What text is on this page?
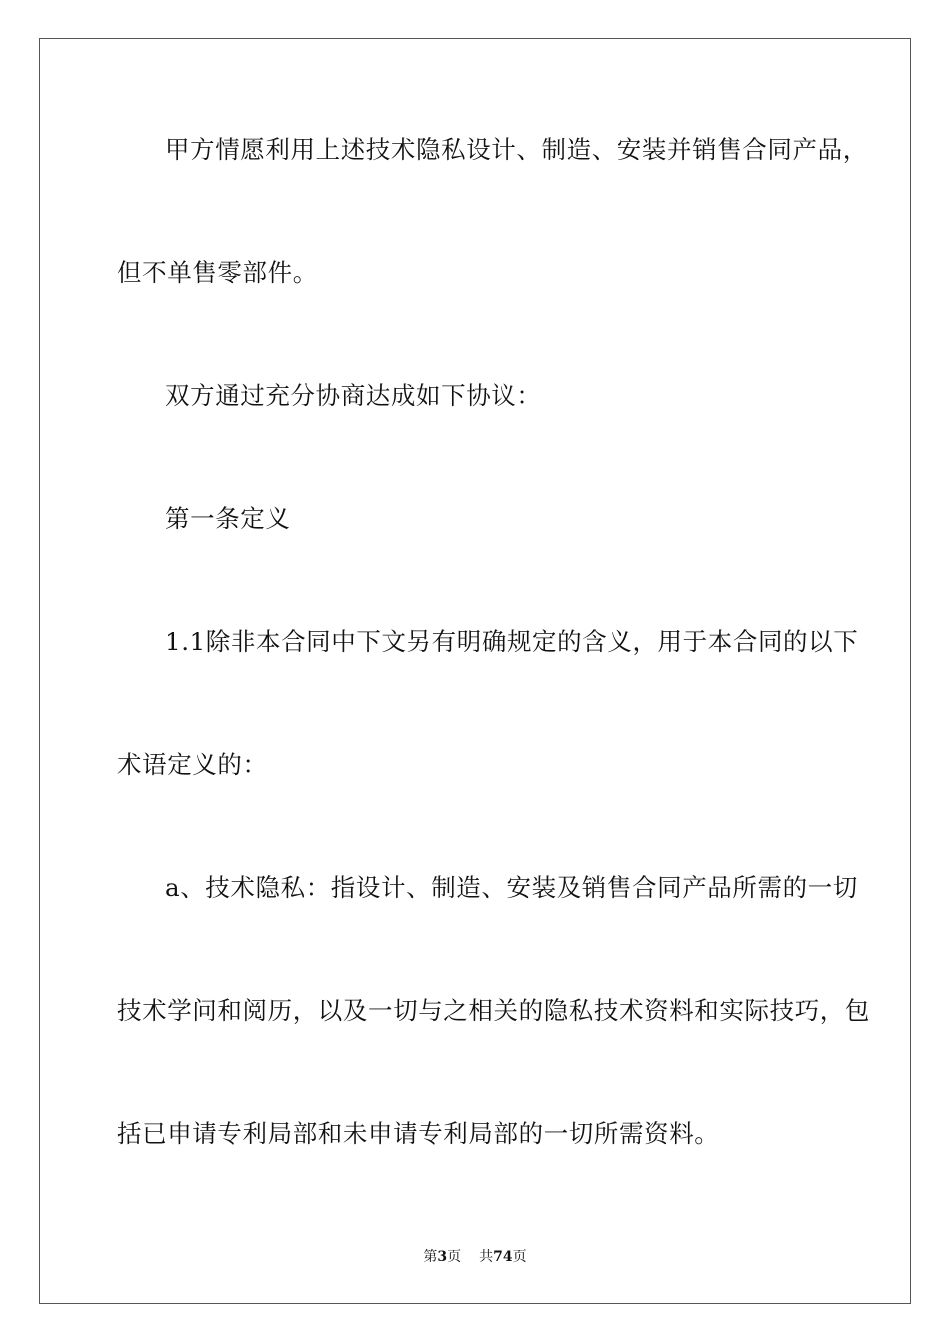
甲方情愿利用上述技术隐私设计、制造、安装并销售合同产品，
但不单售零部件。
双方通过充分协商达成如下协议：
第一条定义
1.1除非本合同中下文另有明确规定的含义，用于本合同的以下
术语定义的：
a、技术隐私：指设计、制造、安装及销售合同产品所需的一切
技术学问和阅历，以及一切与之相关的隐私技术资料和实际技巧，包
括已申请专利局部和未申请专利局部的一切所需资料。
第3页 共74页
